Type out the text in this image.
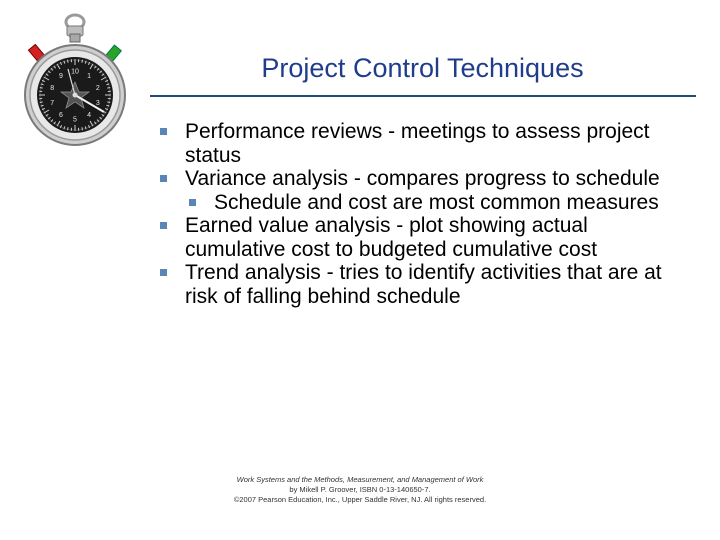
10
1
2
3
4
5
6
7
8
9	Project Control Techniques
Performance reviews - meetings to assess project status
Variance analysis - compares progress to schedule
Schedule and cost are most common measures
Earned value analysis - plot showing actual cumulative cost to budgeted cumulative cost
Trend analysis - tries to identify activities that are at risk of falling behind schedule
Work Systems and the Methods, Measurement, and Management of Work
by Mikell P. Groover, ISBN 0-13-140650-7.
©2007 Pearson Education, Inc., Upper Saddle River, NJ. All rights reserved.
